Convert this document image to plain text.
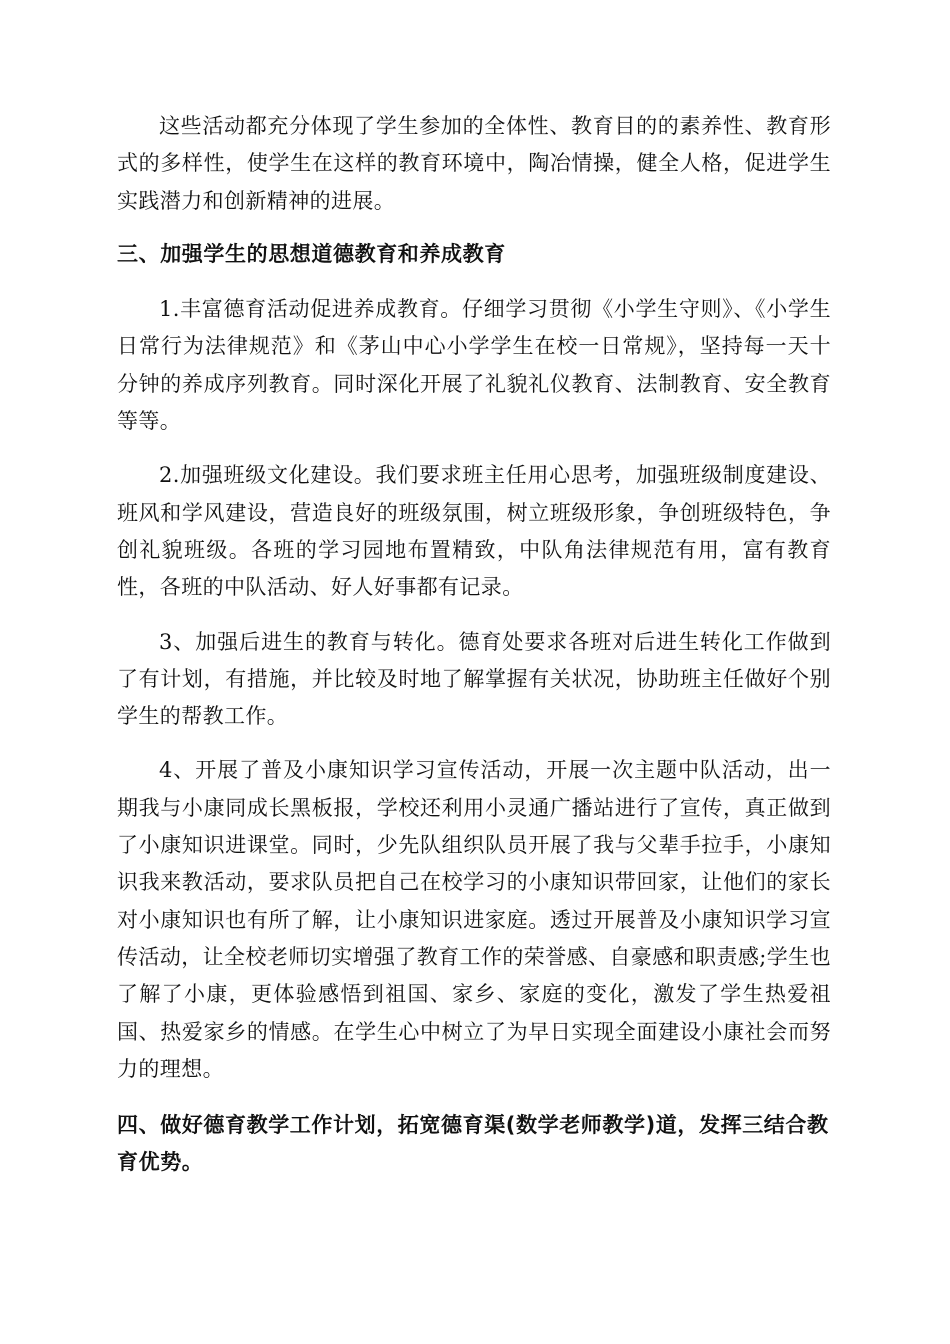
这些活动都充分体现了学生参加的全体性、教育目的的素养性、教育形式的多样性，使学生在这样的教育环境中，陶冶情操，健全人格，促进学生实践潜力和创新精神的进展。

三、加强学生的思想道德教育和养成教育

1.丰富德育活动促进养成教育。仔细学习贯彻《小学生守则》、《小学生日常行为法律规范》和《茅山中心小学学生在校一日常规》，坚持每一天十分钟的养成序列教育。同时深化开展了礼貌礼仪教育、法制教育、安全教育等等。

2.加强班级文化建设。我们要求班主任用心思考，加强班级制度建设、班风和学风建设，营造良好的班级氛围，树立班级形象，争创班级特色，争创礼貌班级。各班的学习园地布置精致，中队角法律规范有用，富有教育性，各班的中队活动、好人好事都有记录。

3、加强后进生的教育与转化。德育处要求各班对后进生转化工作做到了有计划，有措施，并比较及时地了解掌握有关状况，协助班主任做好个别学生的帮教工作。

4、开展了普及小康知识学习宣传活动，开展一次主题中队活动，出一期我与小康同成长黑板报，学校还利用小灵通广播站进行了宣传，真正做到了小康知识进课堂。同时，少先队组织队员开展了我与父辈手拉手，小康知识我来教活动，要求队员把自己在校学习的小康知识带回家，让他们的家长对小康知识也有所了解，让小康知识进家庭。透过开展普及小康知识学习宣传活动，让全校老师切实增强了教育工作的荣誉感、自豪感和职责感;学生也了解了小康，更体验感悟到祖国、家乡、家庭的变化，激发了学生热爱祖国、热爱家乡的情感。在学生心中树立了为早日实现全面建设小康社会而努力的理想。

四、做好德育教学工作计划，拓宽德育渠(数学老师教学)道，发挥三结合教育优势。
